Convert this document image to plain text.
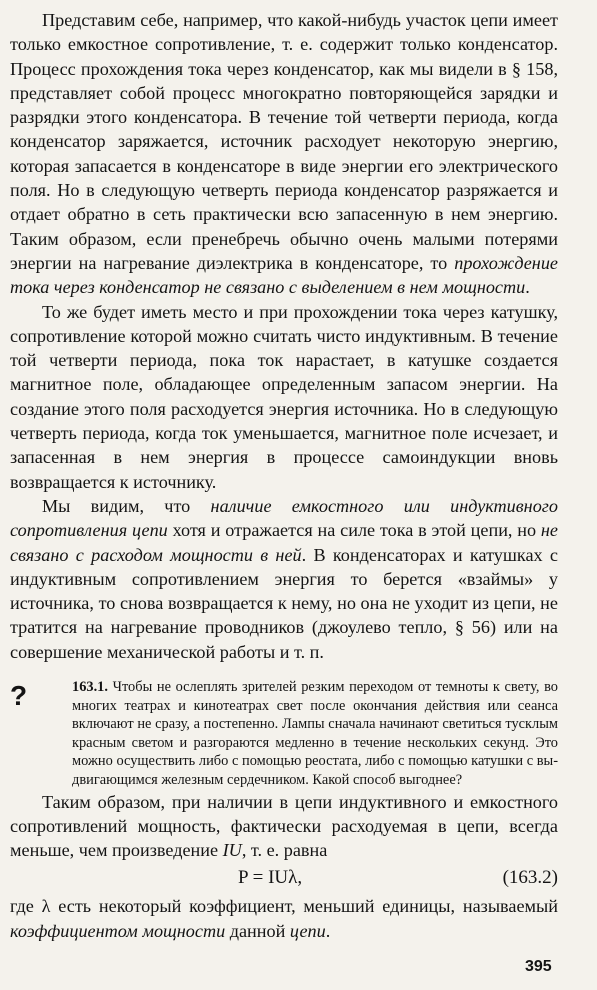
Представим себе, например, что какой-нибудь участок цепи имеет только емкостное сопротивление, т. е. содержит только конденсатор. Процесс прохождения тока через конденсатор, как мы видели в § 158, представляет собой процесс многократно повторяющейся зарядки и разрядки этого конденсатора. В течение той четверти периода, когда конденсатор заряжается, источник расходует некоторую энергию, которая запасается в конденсаторе в виде энергии его электрического поля. Но в следующую четверть периода конденсатор разряжается и отдает обратно в сеть практически всю запасенную в нем энергию. Таким образом, если пренебречь обычно очень малыми потерями энергии на нагревание диэлектрика в конденсаторе, то прохождение тока через конденсатор не связано с выделением в нем мощности.

То же будет иметь место и при прохождении тока через катушку, сопротивление которой можно считать чисто индуктивным. В течение той четверти периода, пока ток нарастает, в катушке создается магнитное поле, обладающее определенным запасом энергии. На создание этого поля расходуется энергия источника. Но в следующую четверть периода, когда ток уменьшается, магнитное поле исчезает, и запасенная в нем энергия в процессе самоиндукции вновь возвращается к источнику.

Мы видим, что наличие емкостного или индуктивного сопротивления цепи хотя и отражается на силе тока в этой цепи, но не связано с расходом мощности в ней. В конденсаторах и катушках с индуктивным сопротивлением энергия то берется «взаймы» у источника, то снова возвращается к нему, но она не уходит из цепи, не тратится на нагревание проводников (джоулево тепло, § 56) или на совершение механической работы и т. п.

?	163.1. Чтобы не ослеплять зрителей резким переходом от темноты к свету, во многих театрах и кинотеатрах свет после окончания действия или сеанса включают не сразу, а постепенно. Лампы сначала начинают светиться тусклым красным светом и разгораются медленно в течение нескольких секунд. Это можно осуществить либо с помощью реостата, либо с помощью катушки с выдвигающимся железным сердечником. Какой способ выгоднее?

Таким образом, при наличии в цепи индуктивного и емкостного сопротивлений мощность, фактически расходуемая в цепи, всегда меньше, чем произведение IU, т. е. равна

P = IUλ,	(163.2)

где λ есть некоторый коэффициент, меньший единицы, называемый коэффициентом мощности данной цепи.

395
